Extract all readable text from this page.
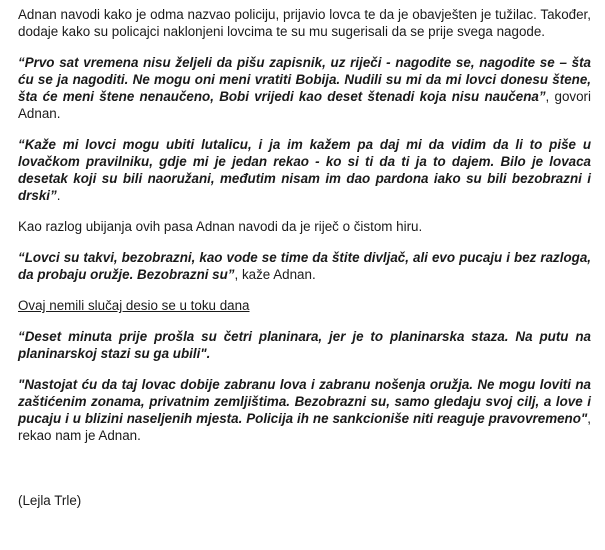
Adnan navodi kako je odma nazvao policiju, prijavio lovca te da je obavješten je tužilac. Također, dodaje kako su policajci naklonjeni lovcima te su mu sugerisali da se prije svega nagode.

“Prvo sat vremena nisu željeli da pišu zapisnik, uz riječi - nagodite se, nagodite se – šta ću se ja nagoditi. Ne mogu oni meni vratiti Bobija. Nudili su mi da mi lovci donesu štene, šta će meni štene nenaučeno, Bobi vrijedi kao deset štenadi koja nisu naučena”, govori Adnan.

“Kaže mi lovci mogu ubiti lutalicu, i ja im kažem pa daj mi da vidim da li to piše u lovačkom pravilniku, gdje mi je jedan rekao - ko si ti da ti ja to dajem. Bilo je lovaca desetak koji su bili naoružani, međutim nisam im dao pardona iako su bili bezobrazni i drski”.

Kao razlog ubijanja ovih pasa Adnan navodi da je riječ o čistom hiru.

“Lovci su takvi, bezobrazni, kao vode se time da štite divljač, ali evo pucaju i bez razloga, da probaju oružje. Bezobrazni su”, kaže Adnan.

Ovaj nemili slučaj desio se u toku dana

“Deset minuta prije prošla su četri planinara, jer je to planinarska staza. Na putu na planinarskoj stazi su ga ubili".

"Nastojat ću da taj lovac dobije zabranu lova i zabranu nošenja oružja. Ne mogu loviti na zaštićenim zonama, privatnim zemljištima. Bezobrazni su, samo gledaju svoj cilj, a love i pucaju i u blizini naseljenih mjesta. Policija ih ne sankcioniše niti reaguje pravovremeno", rekao nam je Adnan.

(Lejla Trle)
